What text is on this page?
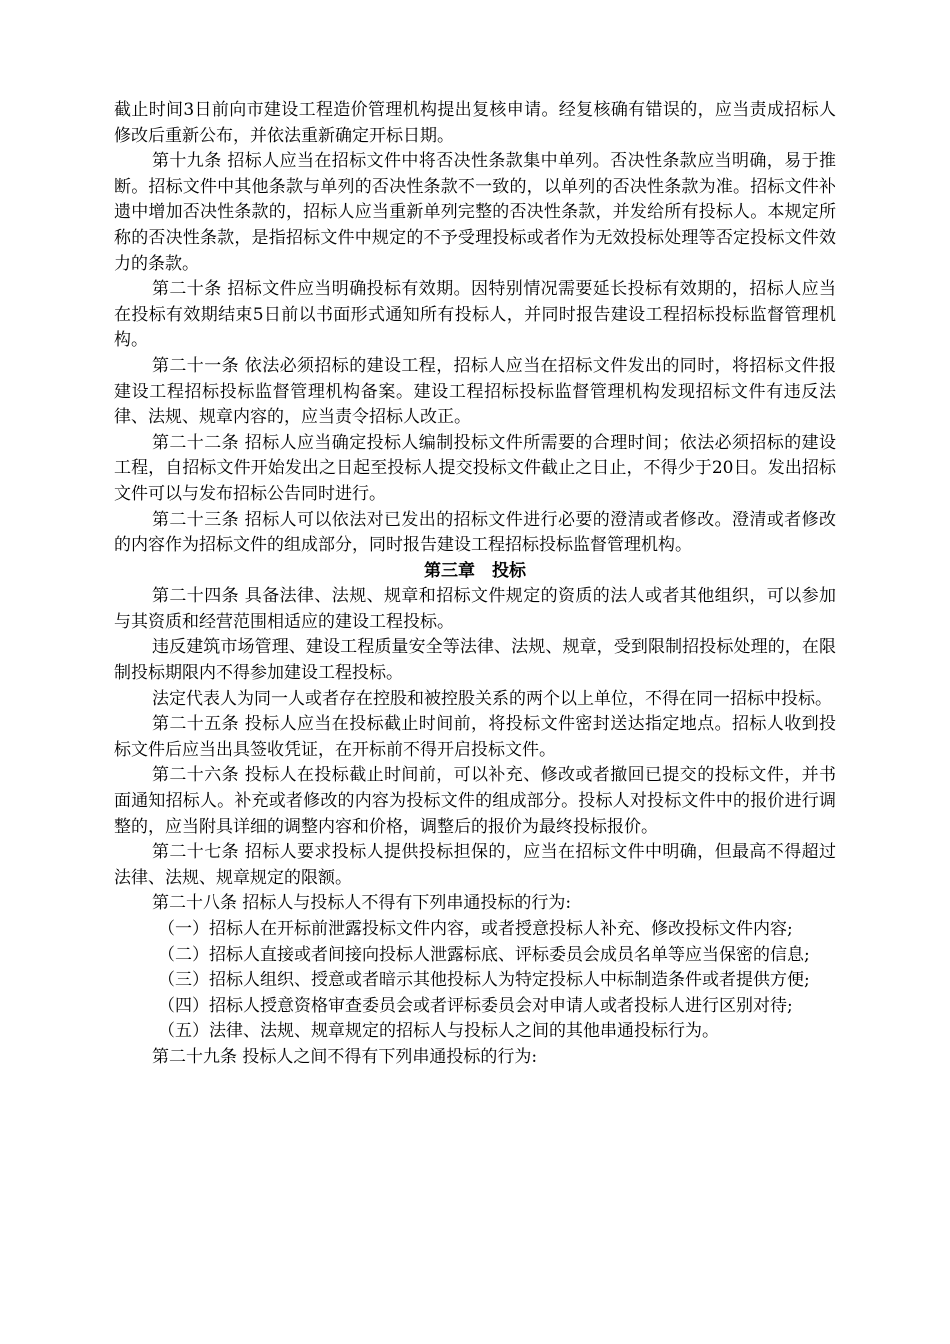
截止时间3日前向市建设工程造价管理机构提出复核申请。经复核确有错误的，应当责成招标人修改后重新公布，并依法重新确定开标日期。

第十九条 招标人应当在招标文件中将否决性条款集中单列。否决性条款应当明确，易于推断。招标文件中其他条款与单列的否决性条款不一致的，以单列的否决性条款为准。招标文件补遗中增加否决性条款的，招标人应当重新单列完整的否决性条款，并发给所有投标人。本规定所称的否决性条款，是指招标文件中规定的不予受理投标或者作为无效投标处理等否定投标文件效力的条款。

第二十条 招标文件应当明确投标有效期。因特别情况需要延长投标有效期的，招标人应当在投标有效期结束5日前以书面形式通知所有投标人，并同时报告建设工程招标投标监督管理机构。

第二十一条 依法必须招标的建设工程，招标人应当在招标文件发出的同时，将招标文件报建设工程招标投标监督管理机构备案。建设工程招标投标监督管理机构发现招标文件有违反法律、法规、规章内容的，应当责令招标人改正。

第二十二条 招标人应当确定投标人编制投标文件所需要的合理时间；依法必须招标的建设工程，自招标文件开始发出之日起至投标人提交投标文件截止之日止，不得少于20日。发出招标文件可以与发布招标公告同时进行。

第二十三条 招标人可以依法对已发出的招标文件进行必要的澄清或者修改。澄清或者修改的内容作为招标文件的组成部分，同时报告建设工程招标投标监督管理机构。

第三章　投标

第二十四条 具备法律、法规、规章和招标文件规定的资质的法人或者其他组织，可以参加与其资质和经营范围相适应的建设工程投标。

违反建筑市场管理、建设工程质量安全等法律、法规、规章，受到限制招投标处理的，在限制投标期限内不得参加建设工程投标。

法定代表人为同一人或者存在控股和被控股关系的两个以上单位，不得在同一招标中投标。

第二十五条 投标人应当在投标截止时间前，将投标文件密封送达指定地点。招标人收到投标文件后应当出具签收凭证，在开标前不得开启投标文件。

第二十六条 投标人在投标截止时间前，可以补充、修改或者撤回已提交的投标文件，并书面通知招标人。补充或者修改的内容为投标文件的组成部分。投标人对投标文件中的报价进行调整的，应当附具详细的调整内容和价格，调整后的报价为最终投标报价。

第二十七条 招标人要求投标人提供投标担保的，应当在招标文件中明确，但最高不得超过法律、法规、规章规定的限额。

第二十八条 招标人与投标人不得有下列串通投标的行为:

（一）招标人在开标前泄露投标文件内容，或者授意投标人补充、修改投标文件内容;

（二）招标人直接或者间接向投标人泄露标底、评标委员会成员名单等应当保密的信息;

（三）招标人组织、授意或者暗示其他投标人为特定投标人中标制造条件或者提供方便;

（四）招标人授意资格审查委员会或者评标委员会对申请人或者投标人进行区别对待;

（五）法律、法规、规章规定的招标人与投标人之间的其他串通投标行为。

第二十九条 投标人之间不得有下列串通投标的行为:
